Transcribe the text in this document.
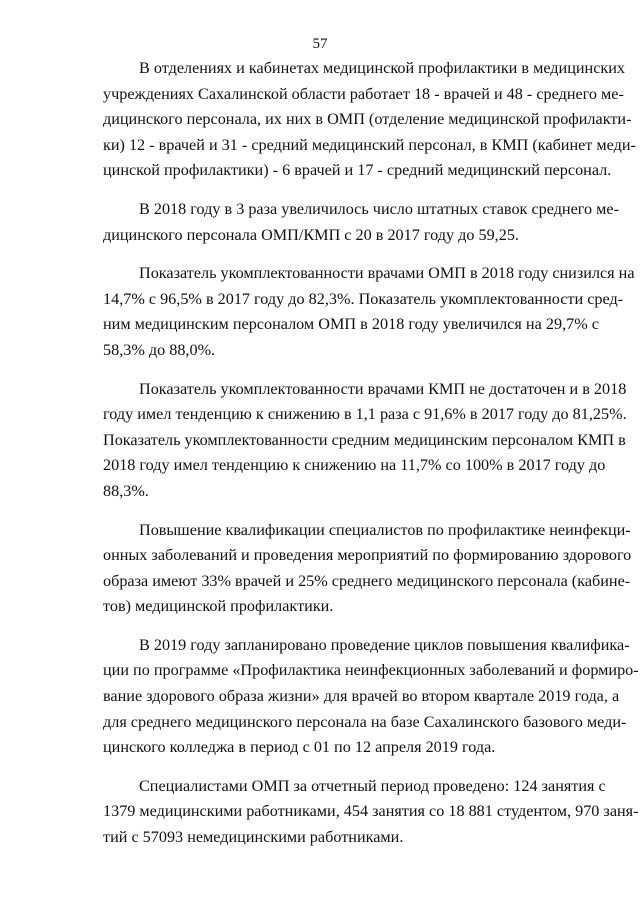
57

В отделениях и кабинетах медицинской профилактики в медицинских
учреждениях Сахалинской области работает 18 - врачей и 48 - среднего ме-
дицинского персонала, их них в ОМП (отделение медицинской профилакти-
ки) 12 - врачей и 31 - средний медицинский персонал, в КМП (кабинет меди-
цинской профилактики) - 6 врачей и 17 - средний медицинский персонал.

В 2018 году в 3 раза увеличилось число штатных ставок среднего ме-
дицинского персонала ОМП/КМП с 20 в 2017 году до 59,25.

Показатель укомплектованности врачами ОМП в 2018 году снизился на
14,7% с 96,5% в 2017 году до 82,3%. Показатель укомплектованности сред-
ним медицинским персоналом ОМП в 2018 году увеличился на 29,7% с
58,3% до 88,0%.

Показатель укомплектованности врачами КМП не достаточен и в 2018
году имел тенденцию к снижению в 1,1 раза с 91,6% в 2017 году до 81,25%.
Показатель укомплектованности средним медицинским персоналом КМП в
2018 году имел тенденцию к снижению на 11,7% со 100% в 2017 году до
88,3%.

Повышение квалификации специалистов по профилактике неинфекци-
онных заболеваний и проведения мероприятий по формированию здорового
образа имеют 33% врачей и 25% среднего медицинского персонала (кабине-
тов) медицинской профилактики.

В 2019 году запланировано проведение циклов повышения квалифика-
ции по программе «Профилактика неинфекционных заболеваний и формиро-
вание здорового образа жизни» для врачей во втором квартале 2019 года, а
для среднего медицинского персонала на базе Сахалинского базового меди-
цинского колледжа в период с 01 по 12 апреля 2019 года.

Специалистами ОМП за отчетный период проведено: 124 занятия с
1379 медицинскими работниками, 454 занятия со 18 881 студентом, 970 заня-
тий с 57093 немедицинскими работниками.
